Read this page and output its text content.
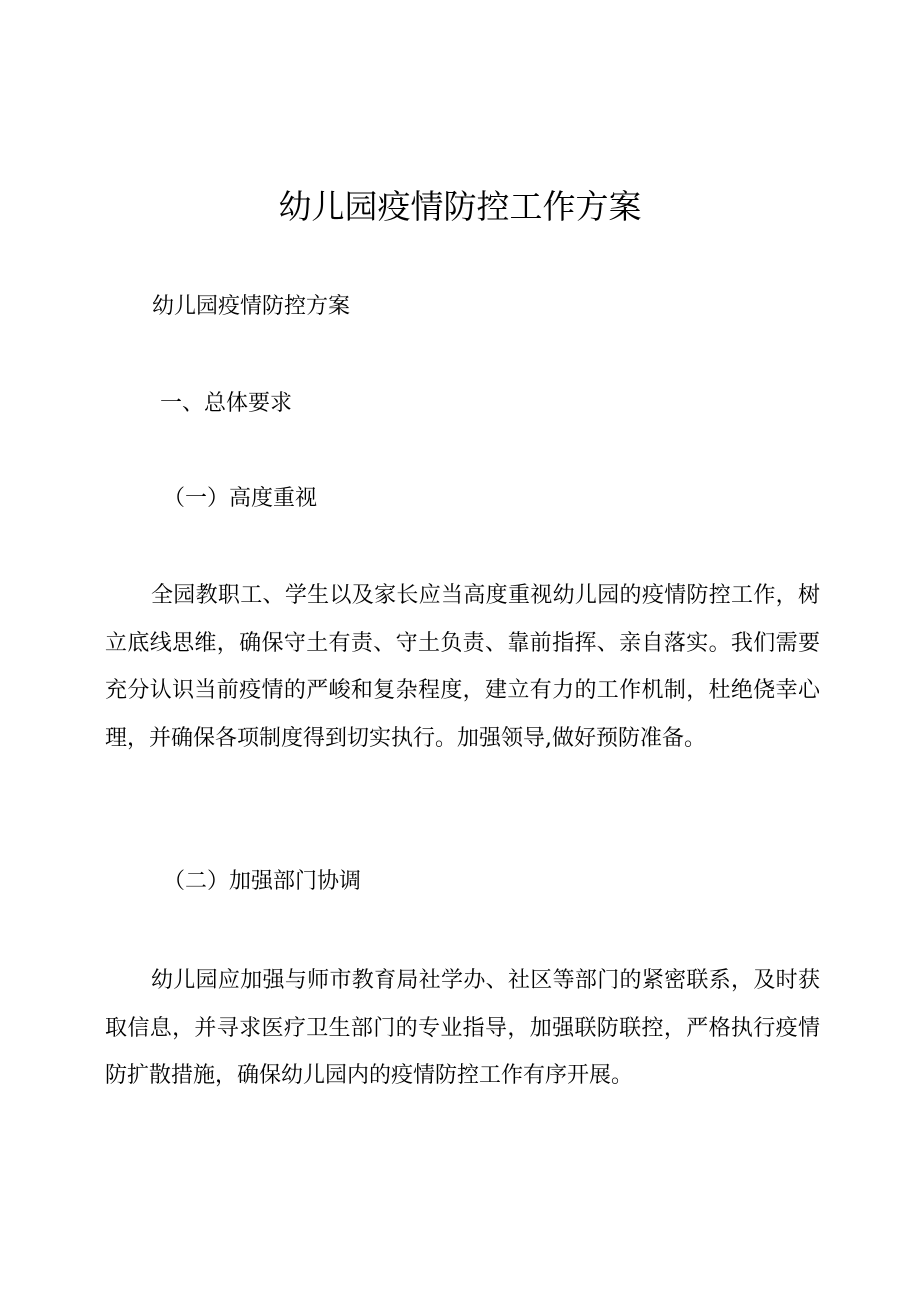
幼儿园疫情防控工作方案

幼儿园疫情防控方案

一、总体要求

（一）高度重视

全园教职工、学生以及家长应当高度重视幼儿园的疫情防控工作，树立底线思维，确保守土有责、守土负责、靠前指挥、亲自落实。我们需要充分认识当前疫情的严峻和复杂程度，建立有力的工作机制，杜绝侥幸心理，并确保各项制度得到切实执行。加强领导,做好预防准备。

（二）加强部门协调

幼儿园应加强与师市教育局社学办、社区等部门的紧密联系，及时获取信息，并寻求医疗卫生部门的专业指导，加强联防联控，严格执行疫情防扩散措施，确保幼儿园内的疫情防控工作有序开展。
